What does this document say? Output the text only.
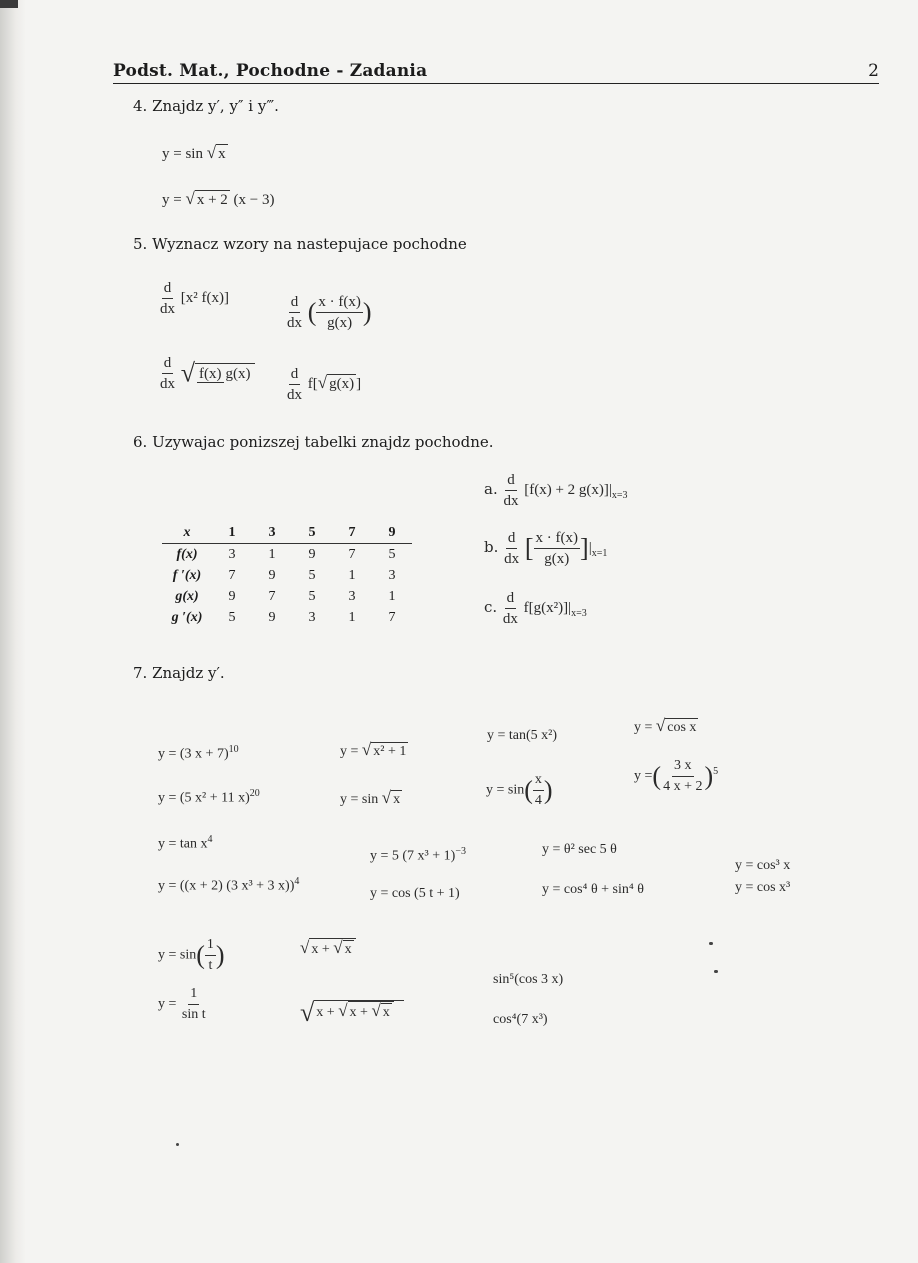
Podst. Mat., Pochodne - Zadania	2
4. Znajdz y′, y″ i y‴.
y = sin √ x
y = √ x + 2 (x − 3)
5. Wyznacz wzory na nastepujace pochodne
$\frac{d}{dx} [x^2$ f(x)]	$\frac{d}{dx}$ ( $\frac{x \cdot f(x)}{g(x)}$ )
$\frac{d}{dx}$ √ f(x) $g(x) \frac{d}{dx} f[√$ g(x) ]
6. Uzywajac ponizszej tabelki znajdz pochodne.
x	1	3	5	7	9
f(x)	3	1	9	7	5
f ′(x)	7	9	5	1	3
g(x)	9	7	5	3	1
g ′(x)	5	9	3	1	7
a. $\frac{d}{dx} [f(x) + 2$ $g(x)]|_{x=3}$
b. $\frac{d}{dx}$ [ $\frac{x \cdot f(x)}{g(x)} ]|_{x=1}$
c. $\frac{d}{dx} f[g(x^2)]|_{x=3}$
7. Znajdz y′.
y = (3 x + 7)$^{10}$
y = (5 x² + 11 x)$^{20}$
y = √ x² + 1
y = sin √ x
y = tan(5 x²)
$y = \sin( \frac{x}{4}$ )
y = √ cos x
y =( $\frac{3 x}{4 x + 2} )^5$
$y = \tan x^4$
y = ((x + 2) (3 x³ + 3 x))$^4$
y = 5 (7 x³ + 1)$^{-3}$
y = cos (5 t + 1)
y = θ² sec 5 θ
y = cos⁴ θ + sin⁴ θ
y = cos³ x
y = cos x³
$y = \sin( \frac{1}{t}$ )
$y = \frac{1}{\text{sin t}}$
√ x + √ x
√ x + √ x + √ x
sin⁵(cos 3 x)
cos⁴(7 x³)
